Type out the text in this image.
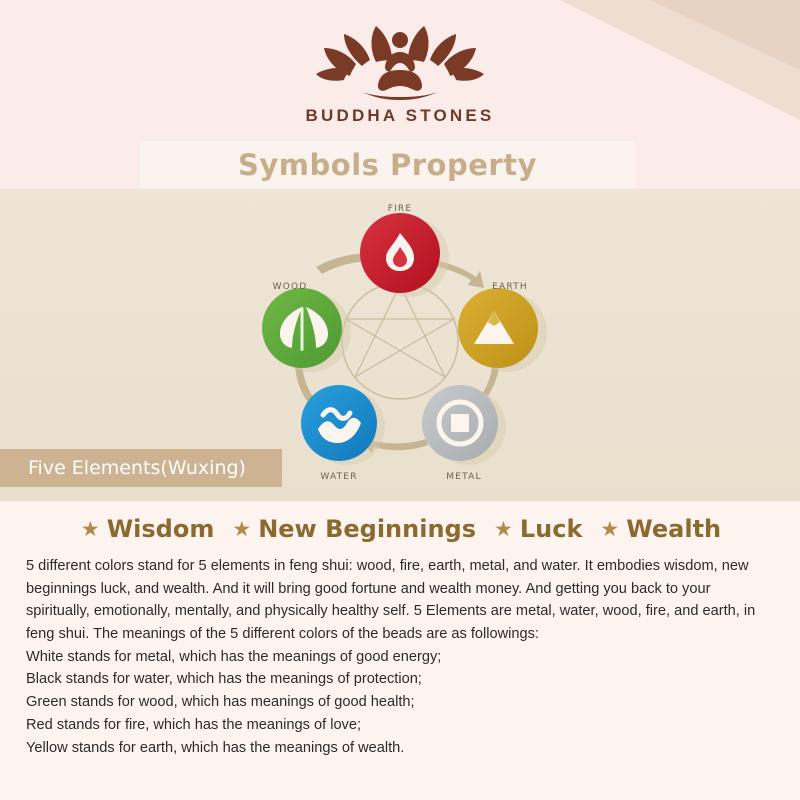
BUDDHA STONES
Symbols Property
FIRE
WOOD	EARTH
WATER	METAL
Five Elements(Wuxing)
★ Wisdom ★ New Beginnings ★ Luck ★ Wealth
5 different colors stand for 5 elements in feng shui: wood, fire, earth, metal, and water. It embodies wisdom, new beginnings luck, and wealth. And it will bring good fortune and wealth money. And getting you back to your spiritually, emotionally, mentally, and physically healthy self. 5 Elements are metal, water, wood, fire, and earth, in feng shui. The meanings of the 5 different colors of the beads are as followings:
White stands for metal, which has the meanings of good energy;
Black stands for water, which has the meanings of protection;
Green stands for wood, which has meanings of good health;
Red stands for fire, which has the meanings of love;
Yellow stands for earth, which has the meanings of wealth.
